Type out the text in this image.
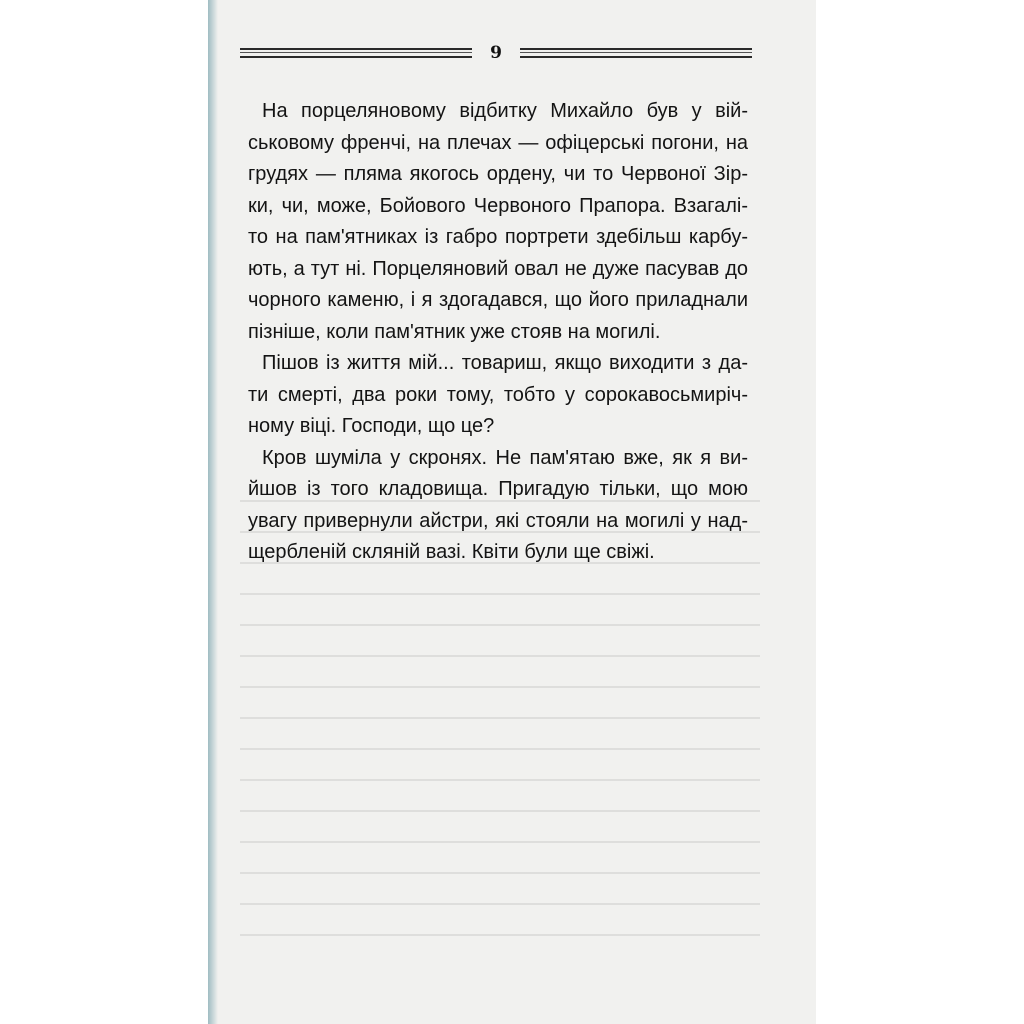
9

На порцеляновому відбитку Михайло був у вій-
ськовому френчі, на плечах — офіцерські погони, на
грудях — пляма якогось ордену, чи то Червоної Зір-
ки, чи, може, Бойового Червоного Прапора. Взагалі-
то на пам'ятниках із габро портрети здебільш карбу-
ють, а тут ні. Порцеляновий овал не дуже пасував до
чорного каменю, і я здогадався, що його приладнали
пізніше, коли пам'ятник уже стояв на могилі.

Пішов із життя мій... товариш, якщо виходити з да-
ти смерті, два роки тому, тобто у сорокавосьмиріч-
ному віці. Господи, що це?

Кров шуміла у скронях. Не пам'ятаю вже, як я ви-
йшов із того кладовища. Пригадую тільки, що мою
увагу привернули айстри, які стояли на могилі у над-
щербленій скляній вазі. Квіти були ще свіжі.
